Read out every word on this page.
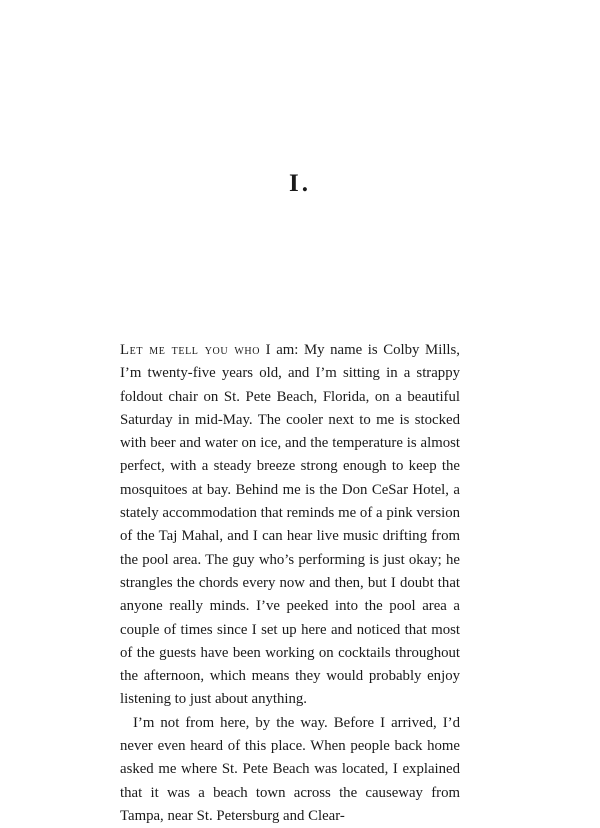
I.

Let me tell you who I am: My name is Colby Mills, I’m twenty-five years old, and I’m sitting in a strappy foldout chair on St. Pete Beach, Florida, on a beautiful Saturday in mid-May. The cooler next to me is stocked with beer and water on ice, and the temperature is almost perfect, with a steady breeze strong enough to keep the mosquitoes at bay. Behind me is the Don CeSar Hotel, a stately accommodation that reminds me of a pink version of the Taj Mahal, and I can hear live music drifting from the pool area. The guy who’s performing is just okay; he strangles the chords every now and then, but I doubt that anyone really minds. I’ve peeked into the pool area a couple of times since I set up here and noticed that most of the guests have been working on cocktails throughout the afternoon, which means they would probably enjoy listening to just about anything.

I’m not from here, by the way. Before I arrived, I’d never even heard of this place. When people back home asked me where St. Pete Beach was located, I explained that it was a beach town across the causeway from Tampa, near St. Petersburg and Clear-
